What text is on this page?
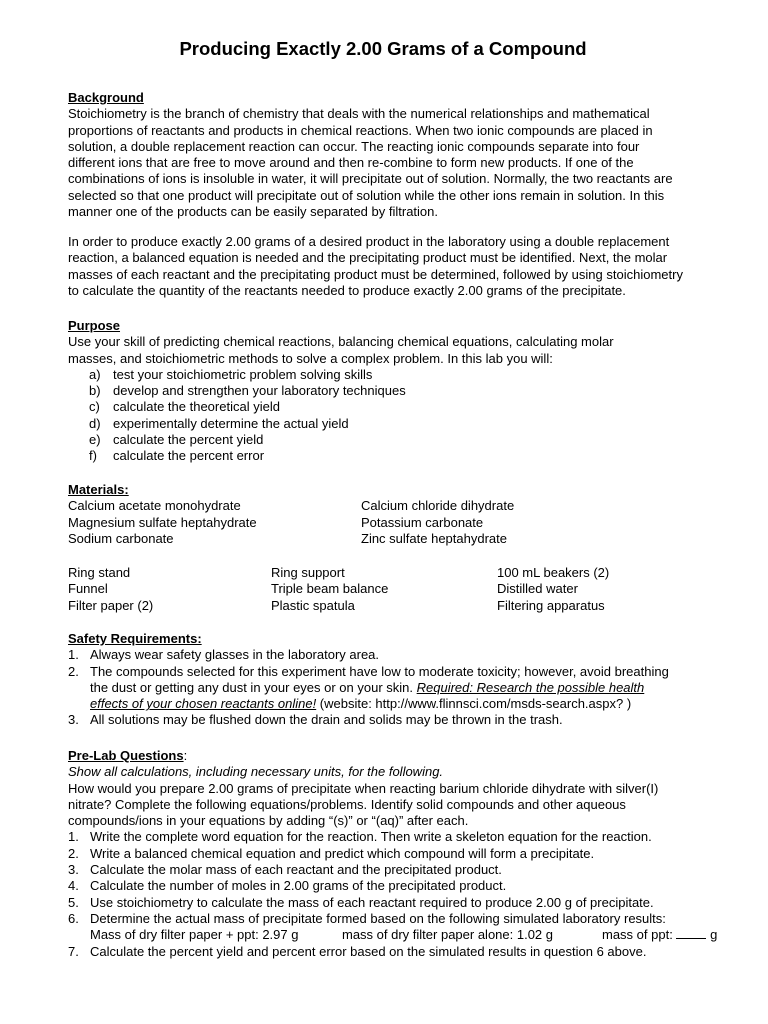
Producing Exactly 2.00 Grams of a Compound

Background

Stoichiometry is the branch of chemistry that deals with the numerical relationships and mathematical

proportions of reactants and products in chemical reactions. When two ionic compounds are placed in

solution, a double replacement reaction can occur. The reacting ionic compounds separate into four

different ions that are free to move around and then re-combine to form new products. If one of the

combinations of ions is insoluble in water, it will precipitate out of solution. Normally, the two reactants are

selected so that one product will precipitate out of solution while the other ions remain in solution. In this

manner one of the products can be easily separated by filtration.

In order to produce exactly 2.00 grams of a desired product in the laboratory using a double replacement

reaction, a balanced equation is needed and the precipitating product must be identified. Next, the molar

masses of each reactant and the precipitating product must be determined, followed by using stoichiometry

to calculate the quantity of the reactants needed to produce exactly 2.00 grams of the precipitate.

Purpose

Use your skill of predicting chemical reactions, balancing chemical equations, calculating molar

masses, and stoichiometric methods to solve a complex problem. In this lab you will:

a) test your stoichiometric problem solving skills
b) develop and strengthen your laboratory techniques
c) calculate the theoretical yield
d) experimentally determine the actual yield
e) calculate the percent yield
f) calculate the percent error

Materials:

Calcium acetate monohydrate	Calcium chloride dihydrate
Magnesium sulfate heptahydrate	Potassium carbonate
Sodium carbonate	Zinc sulfate heptahydrate
Ring stand	Ring support	100 mL beakers (2)
Funnel	Triple beam balance	Distilled water
Filter paper (2)	Plastic spatula	Filtering apparatus

Safety Requirements:

1. Always wear safety glasses in the laboratory area.
2. The compounds selected for this experiment have low to moderate toxicity; however, avoid breathing
the dust or getting any dust in your eyes or on your skin. Required: Research the possible health
effects of your chosen reactants online! (website: http://www.flinnsci.com/msds-search.aspx? )
3. All solutions may be flushed down the drain and solids may be thrown in the trash.

Pre-Lab Questions:

Show all calculations, including necessary units, for the following.

How would you prepare 2.00 grams of precipitate when reacting barium chloride dihydrate with silver(I)

nitrate? Complete the following equations/problems. Identify solid compounds and other aqueous

compounds/ions in your equations by adding “(s)” or “(aq)” after each.

1. Write the complete word equation for the reaction. Then write a skeleton equation for the reaction.
2. Write a balanced chemical equation and predict which compound will form a precipitate.
3. Calculate the molar mass of each reactant and the precipitated product.
4. Calculate the number of moles in 2.00 grams of the precipitated product.
5. Use stoichiometry to calculate the mass of each reactant required to produce 2.00 g of precipitate.
6. Determine the actual mass of precipitate formed based on the following simulated laboratory results:
Mass of dry filter paper + ppt: 2.97 g	mass of dry filter paper alone: 1.02 g	mass of ppt:	g
7. Calculate the percent yield and percent error based on the simulated results in question 6 above.
